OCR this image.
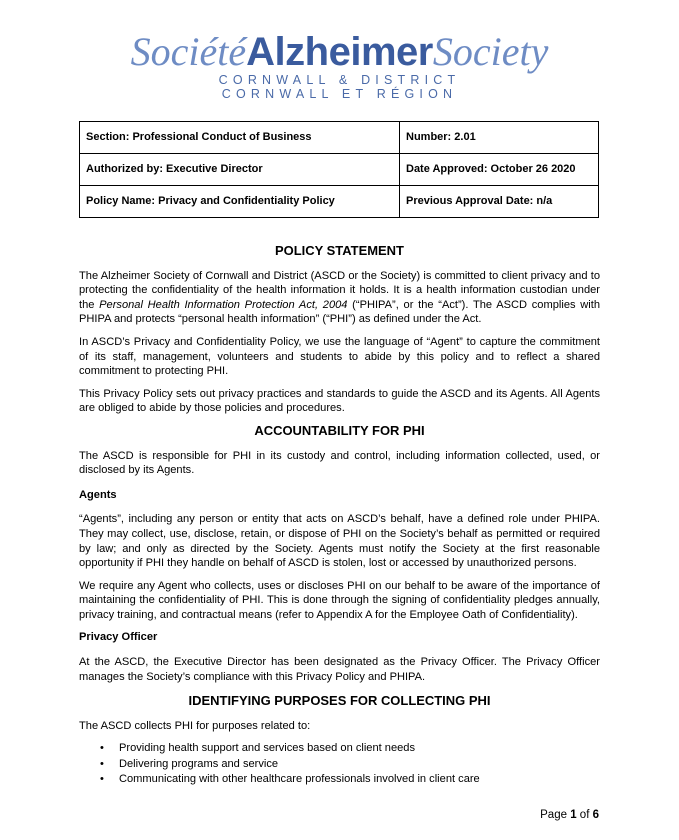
SociétéAlzheimerSociety
CORNWALL & DISTRICT
CORNWALL ET RÉGION
Section: Professional Conduct of Business	Number: 2.01
Authorized by: Executive Director	Date Approved: October 26 2020
Policy Name: Privacy and Confidentiality Policy	Previous Approval Date: n/a
POLICY STATEMENT

The Alzheimer Society of Cornwall and District (ASCD or the Society) is committed to client privacy and to protecting the confidentiality of the health information it holds. It is a health information custodian under the Personal Health Information Protection Act, 2004 (“PHIPA”, or the “Act”). The ASCD complies with PHIPA and protects “personal health information” (“PHI”) as defined under the Act.

In ASCD’s Privacy and Confidentiality Policy, we use the language of “Agent” to capture the commitment of its staff, management, volunteers and students to abide by this policy and to reflect a shared commitment to protecting PHI.

This Privacy Policy sets out privacy practices and standards to guide the ASCD and its Agents. All Agents are obliged to abide by those policies and procedures.

ACCOUNTABILITY FOR PHI

The ASCD is responsible for PHI in its custody and control, including information collected, used, or disclosed by its Agents.

Agents

“Agents”, including any person or entity that acts on ASCD’s behalf, have a defined role under PHIPA. They may collect, use, disclose, retain, or dispose of PHI on the Society’s behalf as permitted or required by law; and only as directed by the Society. Agents must notify the Society at the first reasonable opportunity if PHI they handle on behalf of ASCD is stolen, lost or accessed by unauthorized persons.

We require any Agent who collects, uses or discloses PHI on our behalf to be aware of the importance of maintaining the confidentiality of PHI. This is done through the signing of confidentiality pledges annually, privacy training, and contractual means (refer to Appendix A for the Employee Oath of Confidentiality).

Privacy Officer

At the ASCD, the Executive Director has been designated as the Privacy Officer. The Privacy Officer manages the Society’s compliance with this Privacy Policy and PHIPA.

IDENTIFYING PURPOSES FOR COLLECTING PHI

The ASCD collects PHI for purposes related to:

• Providing health support and services based on client needs
• Delivering programs and service
• Communicating with other healthcare professionals involved in client care
Page 1 of 6
